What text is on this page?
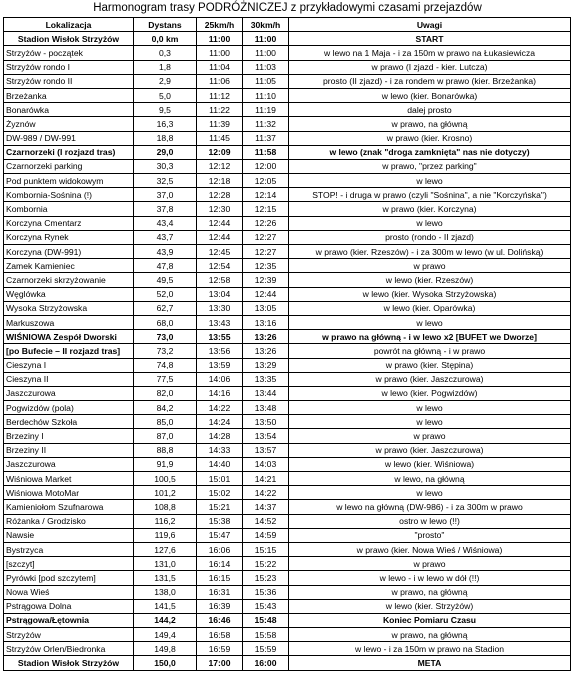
Harmonogram trasy PODRÓŻNICZEJ z przykładowymi czasami przejazdów
Lokalizacja	Dystans	25km/h	30km/h	Uwagi
Stadion Wisłok Strzyżów	0,0 km	11:00	11:00	START
Strzyżów - początek	0,3	11:00	11:00	w lewo na 1 Maja - i za 150m w prawo na Łukasiewicza
Strzyżów rondo I	1,8	11:04	11:03	w prawo (I zjazd - kier. Lutcza)
Strzyżów rondo II	2,9	11:06	11:05	prosto (II zjazd) - i za rondem w prawo (kier. Brzeżanka)
Brzeżanka	5,0	11:12	11:10	w lewo (kier. Bonarówka)
Bonarówka	9,5	11:22	11:19	dalej prosto
Żyznów	16,3	11:39	11:32	w prawo, na główną
DW-989 / DW-991	18,8	11:45	11:37	w prawo (kier. Krosno)
Czarnorzeki (I rozjazd tras)	29,0	12:09	11:58	w lewo (znak "droga zamknięta" nas nie dotyczy)
Czarnorzeki parking	30,3	12:12	12:00	w prawo, "przez parking"
Pod punktem widokowym	32,5	12:18	12:05	w lewo
Kombornia-Sośnina (!)	37,0	12:28	12:14	STOP! - i druga w prawo (czyli "Sośnina", a nie "Korczyńska")
Kombornia	37,8	12:30	12:15	w prawo (kier. Korczyna)
Korczyna Cmentarz	43,4	12:44	12:26	w lewo
Korczyna Rynek	43,7	12:44	12:27	prosto (rondo - II zjazd)
Korczyna (DW-991)	43,9	12:45	12:27	w prawo (kier. Rzeszów) - i za 300m w lewo (w ul. Dolińską)
Zamek Kamieniec	47,8	12:54	12:35	w prawo
Czarnorzeki skrzyżowanie	49,5	12:58	12:39	w lewo (kier. Rzeszów)
Węglówka	52,0	13:04	12:44	w lewo (kier. Wysoka Strzyżowska)
Wysoka Strzyżowska	62,7	13:30	13:05	w lewo (kier. Oparówka)
Markuszowa	68,0	13:43	13:16	w lewo
WIŚNIOWA Zespół Dworski	73,0	13:55	13:26	w prawo na główną - i w lewo x2 [BUFET we Dworze]
[po Bufecie – II rozjazd tras]	73,2	13:56	13:26	powrót na główną - i w prawo
Cieszyna I	74,8	13:59	13:29	w prawo (kier. Stępina)
Cieszyna II	77,5	14:06	13:35	w prawo (kier. Jaszczurowa)
Jaszczurowa	82,0	14:16	13:44	w lewo (kier. Pogwizdów)
Pogwizdów (pola)	84,2	14:22	13:48	w lewo
Berdechów Szkoła	85,0	14:24	13:50	w lewo
Brzeziny I	87,0	14:28	13:54	w prawo
Brzeziny II	88,8	14:33	13:57	w prawo (kier. Jaszczurowa)
Jaszczurowa	91,9	14:40	14:03	w lewo (kier. Wiśniowa)
Wiśniowa Market	100,5	15:01	14:21	w lewo, na główną
Wiśniowa MotoMar	101,2	15:02	14:22	w lewo
Kamieniołom Szufnarowa	108,8	15:21	14:37	w lewo na główną (DW-986) - i za 300m w prawo
Różanka / Grodzisko	116,2	15:38	14:52	ostro w lewo (!!)
Nawsie	119,6	15:47	14:59	"prosto"
Bystrzyca	127,6	16:06	15:15	w prawo (kier. Nowa Wieś / Wiśniowa)
[szczyt]	131,0	16:14	15:22	w prawo
Pyrówki [pod szczytem]	131,5	16:15	15:23	w lewo - i w lewo w dół (!!)
Nowa Wieś	138,0	16:31	15:36	w prawo, na główną
Pstrągowa Dolna	141,5	16:39	15:43	w lewo (kier. Strzyżów)
Pstrągowa/Łętownia	144,2	16:46	15:48	Koniec Pomiaru Czasu
Strzyżów	149,4	16:58	15:58	w prawo, na główną
Strzyżów Orlen/Biedronka	149,8	16:59	15:59	w lewo - i za 150m w prawo na Stadion
Stadion Wisłok Strzyżów	150,0	17:00	16:00	META
